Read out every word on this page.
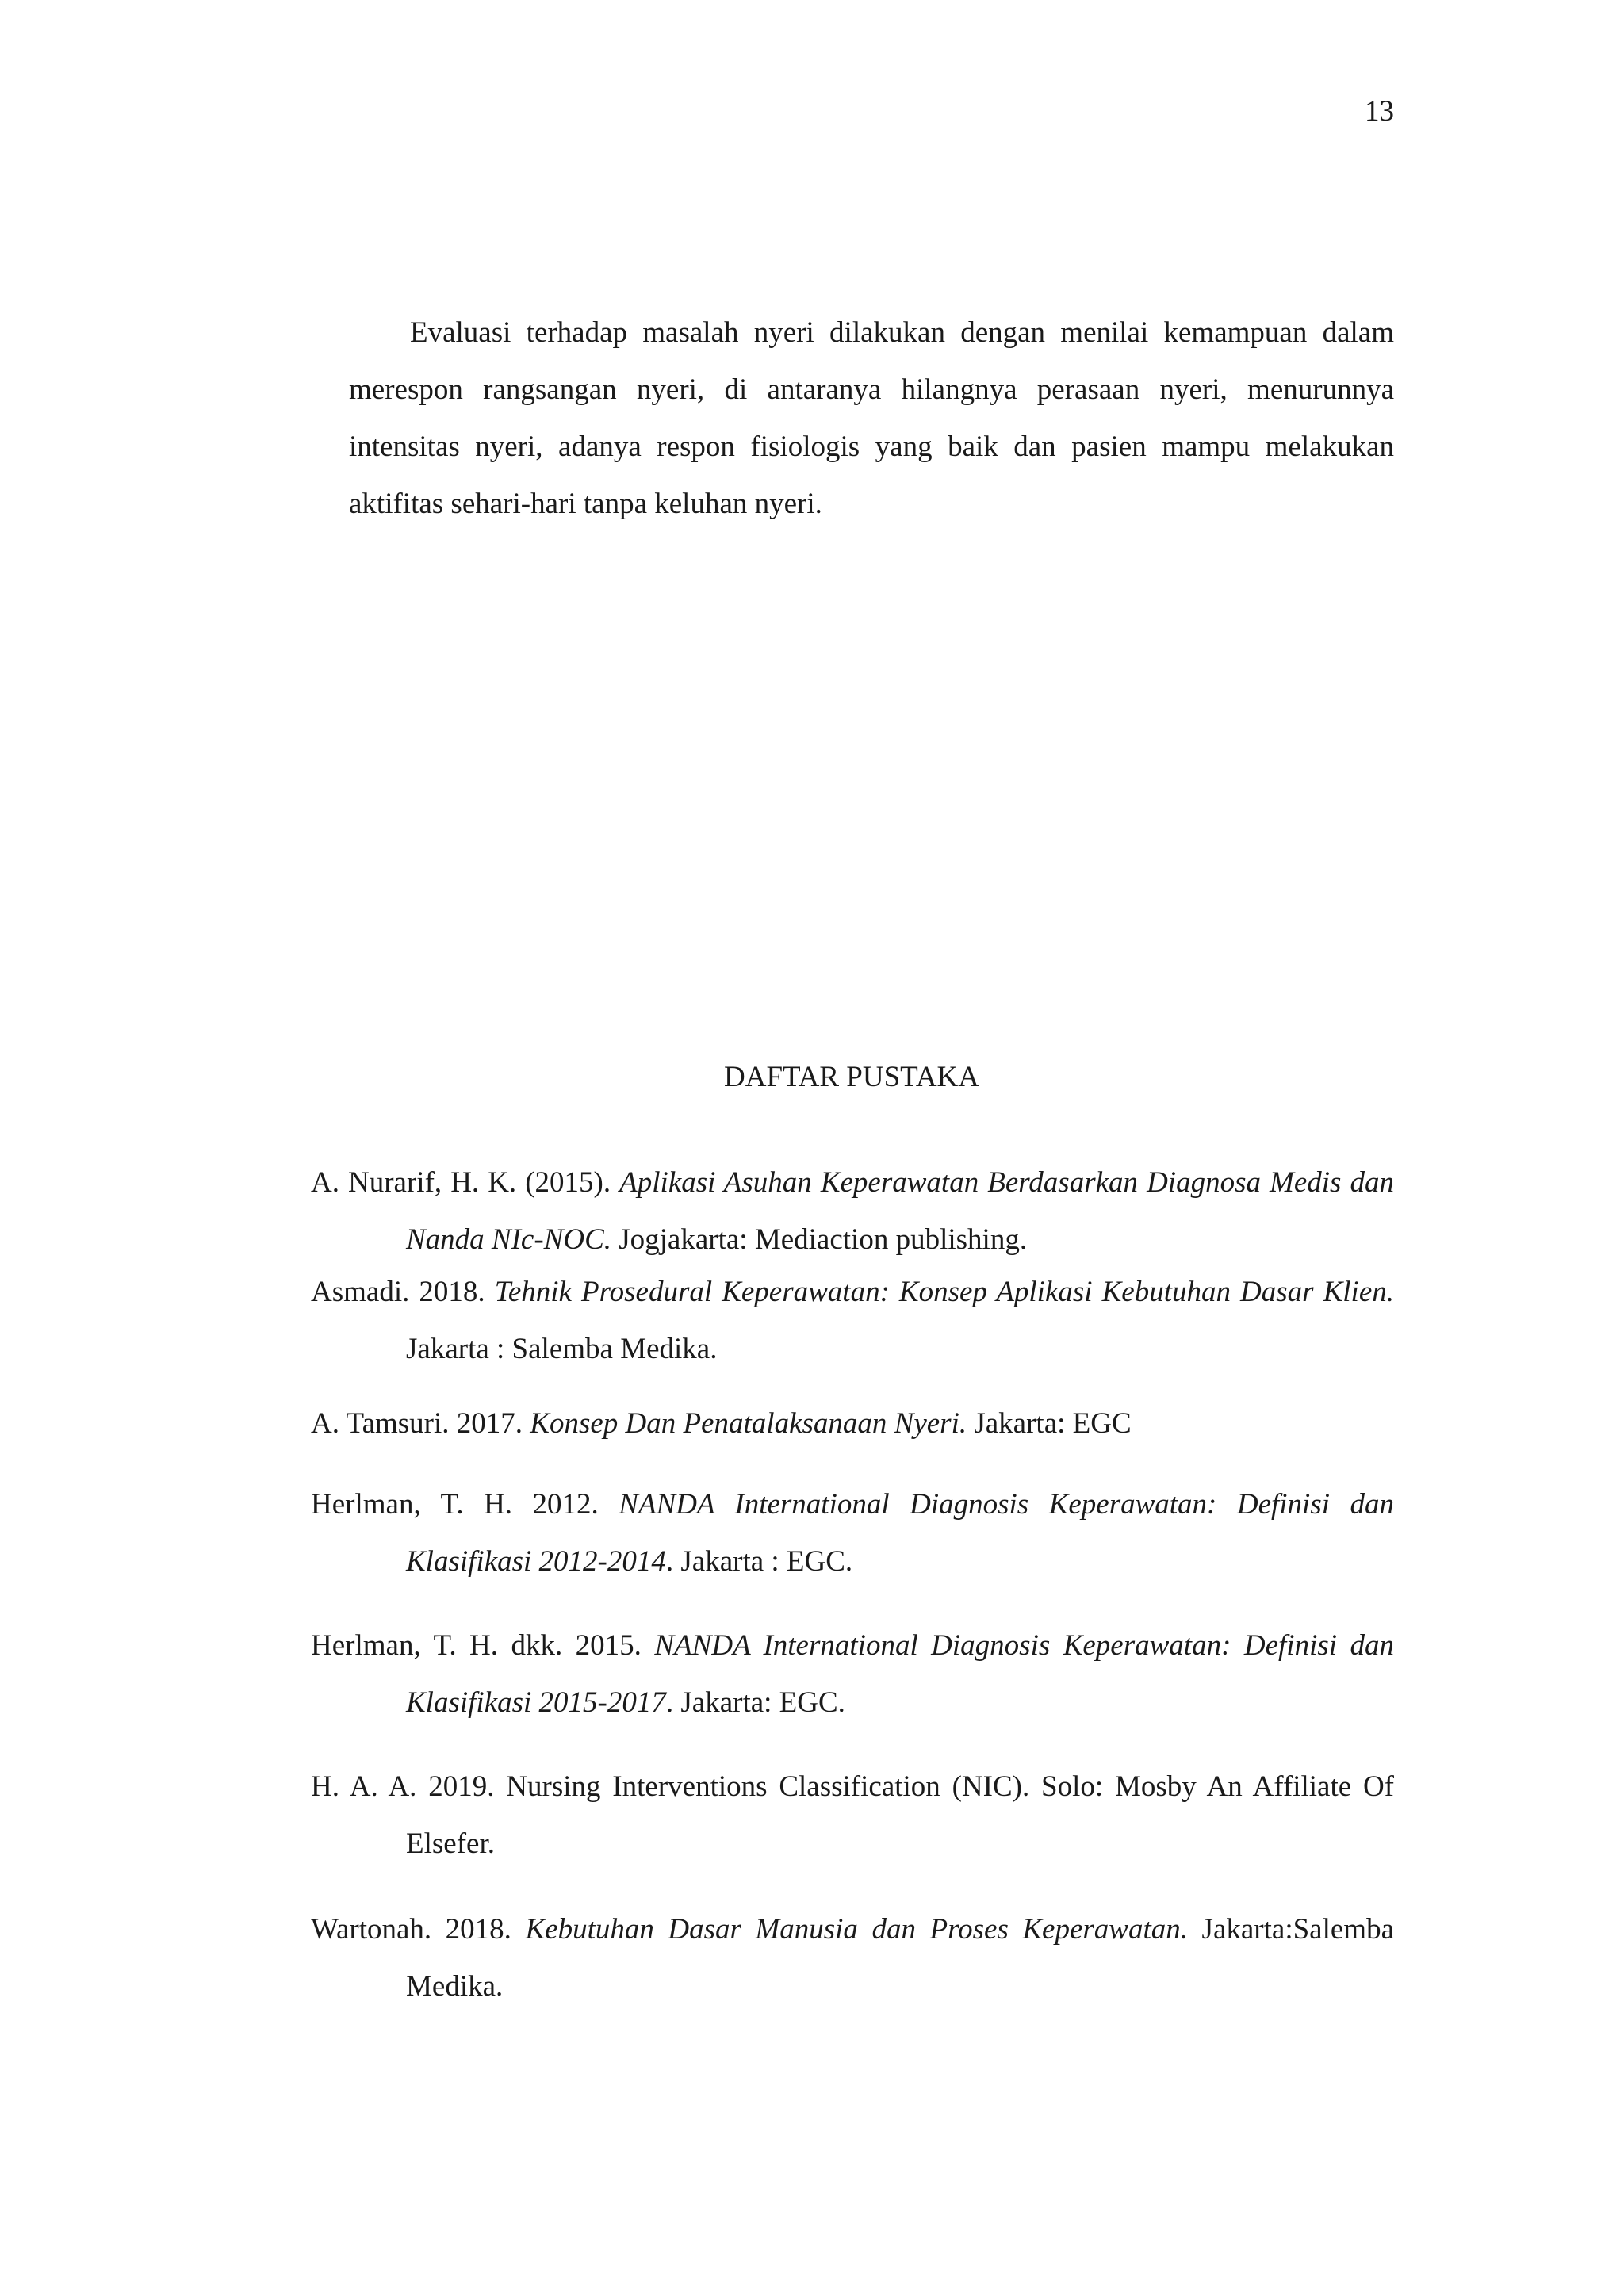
13

Evaluasi terhadap masalah nyeri dilakukan dengan menilai kemampuan dalam merespon rangsangan nyeri, di antaranya hilangnya perasaan nyeri, menurunnya intensitas nyeri, adanya respon fisiologis yang baik dan pasien mampu melakukan aktifitas sehari-hari tanpa keluhan nyeri.

DAFTAR PUSTAKA

A. Nurarif, H. K. (2015). Aplikasi Asuhan Keperawatan Berdasarkan Diagnosa Medis dan Nanda NIc-NOC. Jogjakarta: Mediaction publishing.

Asmadi. 2018. Tehnik Prosedural Keperawatan: Konsep Aplikasi Kebutuhan Dasar Klien. Jakarta : Salemba Medika.

A. Tamsuri. 2017. Konsep Dan Penatalaksanaan Nyeri. Jakarta: EGC

Herlman, T. H. 2012. NANDA International Diagnosis Keperawatan: Definisi dan Klasifikasi 2012-2014. Jakarta : EGC.

Herlman, T. H. dkk. 2015. NANDA International Diagnosis Keperawatan: Definisi dan Klasifikasi 2015-2017. Jakarta: EGC.

H. A. A. 2019. Nursing Interventions Classification (NIC). Solo: Mosby An Affiliate Of Elsefer.

Wartonah. 2018. Kebutuhan Dasar Manusia dan Proses Keperawatan. Jakarta:Salemba Medika.
